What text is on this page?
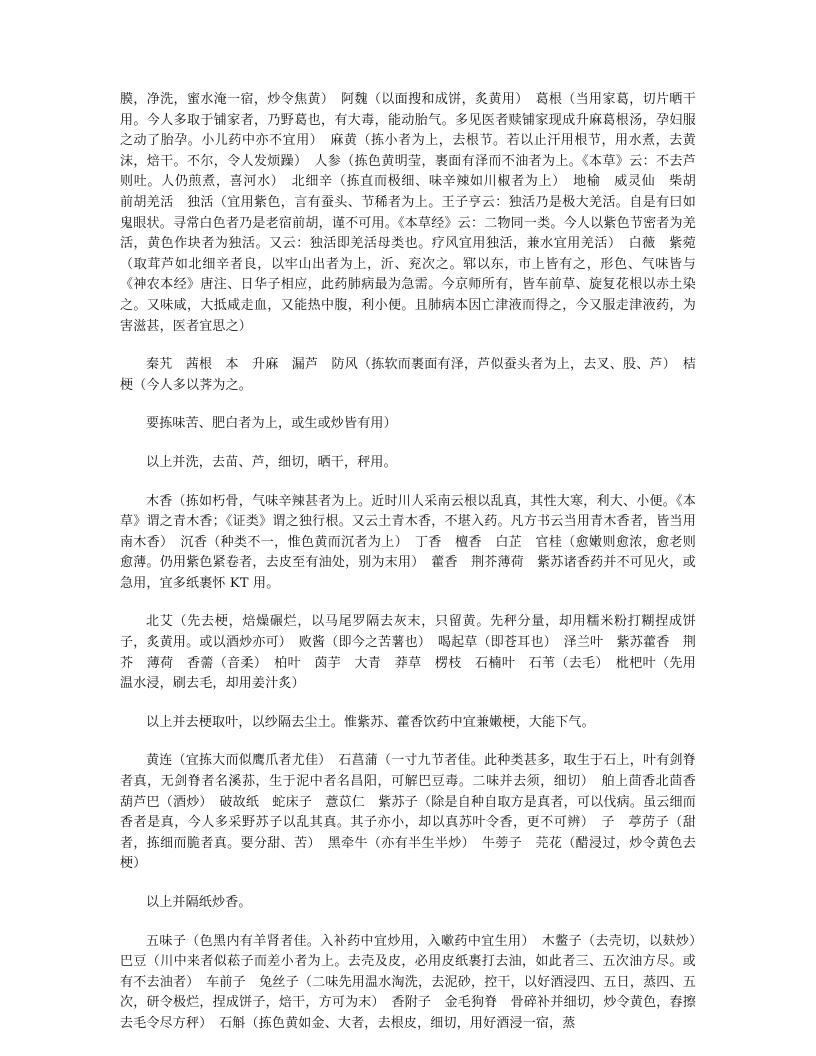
膜，净洗，蜜水淹一宿，炒令焦黄）　阿魏（以面搜和成饼，炙黄用）　葛根（当用家葛，切片晒干用。今人多取于铺家者，乃野葛也，有大毒，能动胎气。多见医者赎铺家现成升麻葛根汤，孕妇服之动了胎孕。小儿药中亦不宜用）　麻黄（拣小者为上，去根节。若以止汗用根节，用水煮，去黄沫，焙干。不尔，令人发烦躁）　人参（拣色黄明莹，裹面有泽而不油者为上。《本草》云：不去芦则吐。人仍煎煮，喜河水）　北细辛（拣直而极细、味辛辣如川椒者为上）　地榆　威灵仙　柴胡　前胡羌活　独活（宜用紫色，言有蚕头、节稀者为上。王子亨云：独活乃是极大羌活。自是有曰如鬼眼状。寻常白色者乃是老宿前胡，谨不可用。《本草经》云：二物同一类。今人以紫色节密者为羌活，黄色作块者为独活。又云：独活即羌活母类也。疗风宜用独活，兼水宜用羌活）　白薇　紫菀（取茸芦如北细辛者良，以牢山出者为上，沂、兖次之。郓以东，市上皆有之，形色、气味皆与《神农本经》唐注、日华子相应，此药肺病最为急需。今京师所有，皆车前草、旋复花根以赤土染之。又味咸，大抵咸走血，又能热中腹，利小便。且肺病本因亡津液而得之，今又服走津液药，为害滋甚，医者宜思之）

秦艽　茜根　本　升麻　漏芦　防风（拣软而裹面有泽，芦似蚕头者为上，去叉、股、芦）　桔梗（今人多以荠为之。

要拣味苦、肥白者为上，或生或炒皆有用）

以上并洗，去苗、芦，细切，晒干，秤用。

木香（拣如朽骨，气味辛辣甚者为上。近时川人采南云根以乱真，其性大寒，利大、小便。《本草》谓之青木香；《证类》谓之独行根。又云土青木香，不堪入药。凡方书云当用青木香者，皆当用南木香）　沉香（种类不一，惟色黄而沉者为上）　丁香　檀香　白芷　官桂（愈嫩则愈浓，愈老则愈薄。仍用紫色紧卷者，去皮至有油处，别为末用）　藿香　荆芥薄荷　紫苏诸香药并不可见火，或急用，宜多纸裹怀 KT 用。

北艾（先去梗，焙燥碾烂，以马尾罗隔去灰末，只留黄。先秤分量，却用糯米粉打糊捏成饼子，炙黄用。或以酒炒亦可）　败酱（即今之苦薯也）　喝起草（即苍耳也）　泽兰叶　紫苏藿香　荆芥　薄荷　香薷（音柔）　柏叶　茵芋　大青　莽草　楞枝　石楠叶　石苇（去毛）　枇杷叶（先用温水浸，刷去毛，却用姜汁炙）

以上并去梗取叶，以纱隔去尘土。惟紫苏、藿香饮药中宜兼嫩梗，大能下气。

黄连（宜拣大而似鹰爪者尤佳）　石菖蒲（一寸九节者佳。此种类甚多，取生于石上，叶有剑脊者真，无剑脊者名溪荪，生于泥中者名昌阳，可解巴豆毒。二味并去须，细切）　舶上茴香北茴香　葫芦巴（酒炒）　破故纸　蛇床子　薏苡仁　紫苏子（除是自种自取方是真者，可以伐病。虽云细而香者是真，今人多采野苏子以乱其真。其子亦小，却以真苏叶令香，更不可辨）　子　葶苈子（甜者，拣细而脆者真。要分甜、苦）　黑牵牛（亦有半生半炒）　牛蒡子　芫花（醋浸过，炒令黄色去梗）

以上并隔纸炒香。

五味子（色黑内有羊肾者佳。入补药中宜炒用，入嗽药中宜生用）　木鳖子（去壳切，以麸炒）　巴豆（川中来者似菘子而差小者为上。去壳及皮，必用皮纸裹打去油，如此者三、五次油方尽。或有不去油者）　车前子　兔丝子（二味先用温水淘洗，去泥砂，控干，以好酒浸四、五日，蒸四、五次，研令极烂，捏成饼子，焙干，方可为末）　香附子　金毛狗脊　骨碎补并细切，炒令黄色，舂擦去毛令尽方秤）　石斛（拣色黄如金、大者，去根皮，细切，用好酒浸一宿，蒸
